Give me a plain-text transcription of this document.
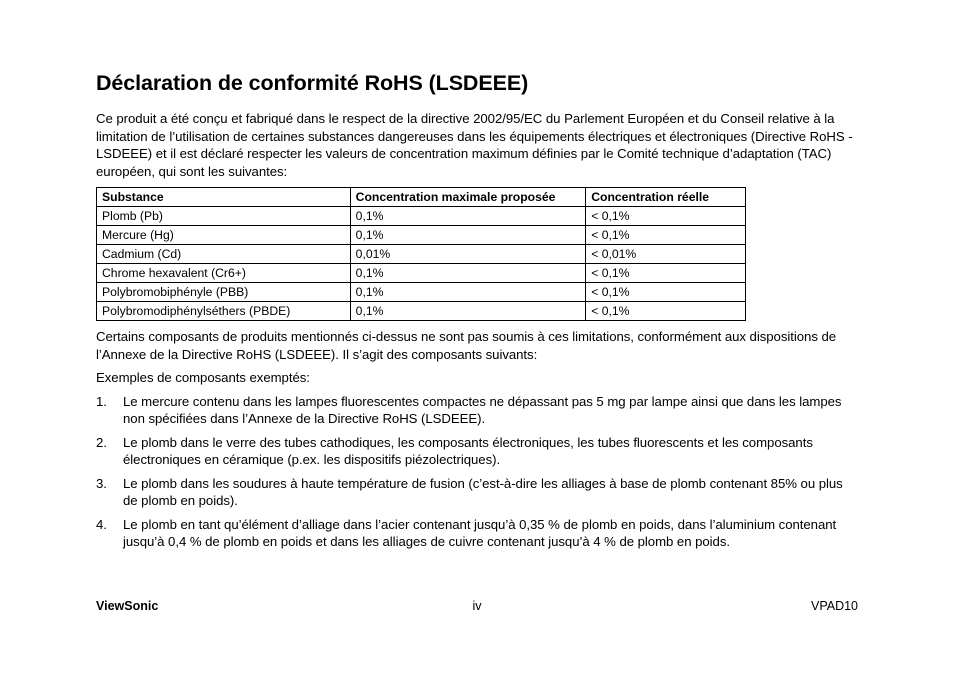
Déclaration de conformité RoHS (LSDEEE)

Ce produit a été conçu et fabriqué dans le respect de la directive 2002/95/EC du Parlement Européen et du Conseil relative à la limitation de l’utilisation de certaines substances dangereuses dans les équipements électriques et électroniques (Directive RoHS - LSDEEE) et il est déclaré respecter les valeurs de concentration maximum définies par le Comité technique d’adaptation (TAC) européen, qui sont les suivantes:

Substance	Concentration maximale proposée	Concentration réelle
Plomb (Pb)	0,1%	< 0,1%
Mercure (Hg)	0,1%	< 0,1%
Cadmium (Cd)	0,01%	< 0,01%
Chrome hexavalent (Cr6+)	0,1%	< 0,1%
Polybromobiphényle (PBB)	0,1%	< 0,1%
Polybromodiphénylséthers (PBDE)	0,1%	< 0,1%

Certains composants de produits mentionnés ci-dessus ne sont pas soumis à ces limitations, conformément aux dispositions de l’Annexe de la Directive RoHS (LSDEEE). Il s’agit des composants suivants:

Exemples de composants exemptés:

1. Le mercure contenu dans les lampes fluorescentes compactes ne dépassant pas 5 mg par lampe ainsi que dans les lampes non spécifiées dans l’Annexe de la Directive RoHS (LSDEEE).
2. Le plomb dans le verre des tubes cathodiques, les composants électroniques, les tubes fluorescents et les composants électroniques en céramique (p.ex. les dispositifs piézolectriques).
3. Le plomb dans les soudures à haute température de fusion (c’est-à-dire les alliages à base de plomb contenant 85% ou plus de plomb en poids).
4. Le plomb en tant qu’élément d’alliage dans l’acier contenant jusqu’à 0,35 % de plomb en poids, dans l’aluminium contenant jusqu’à 0,4 % de plomb en poids et dans les alliages de cuivre contenant jusqu’à 4 % de plomb en poids.
ViewSonic	iv	VPAD10
